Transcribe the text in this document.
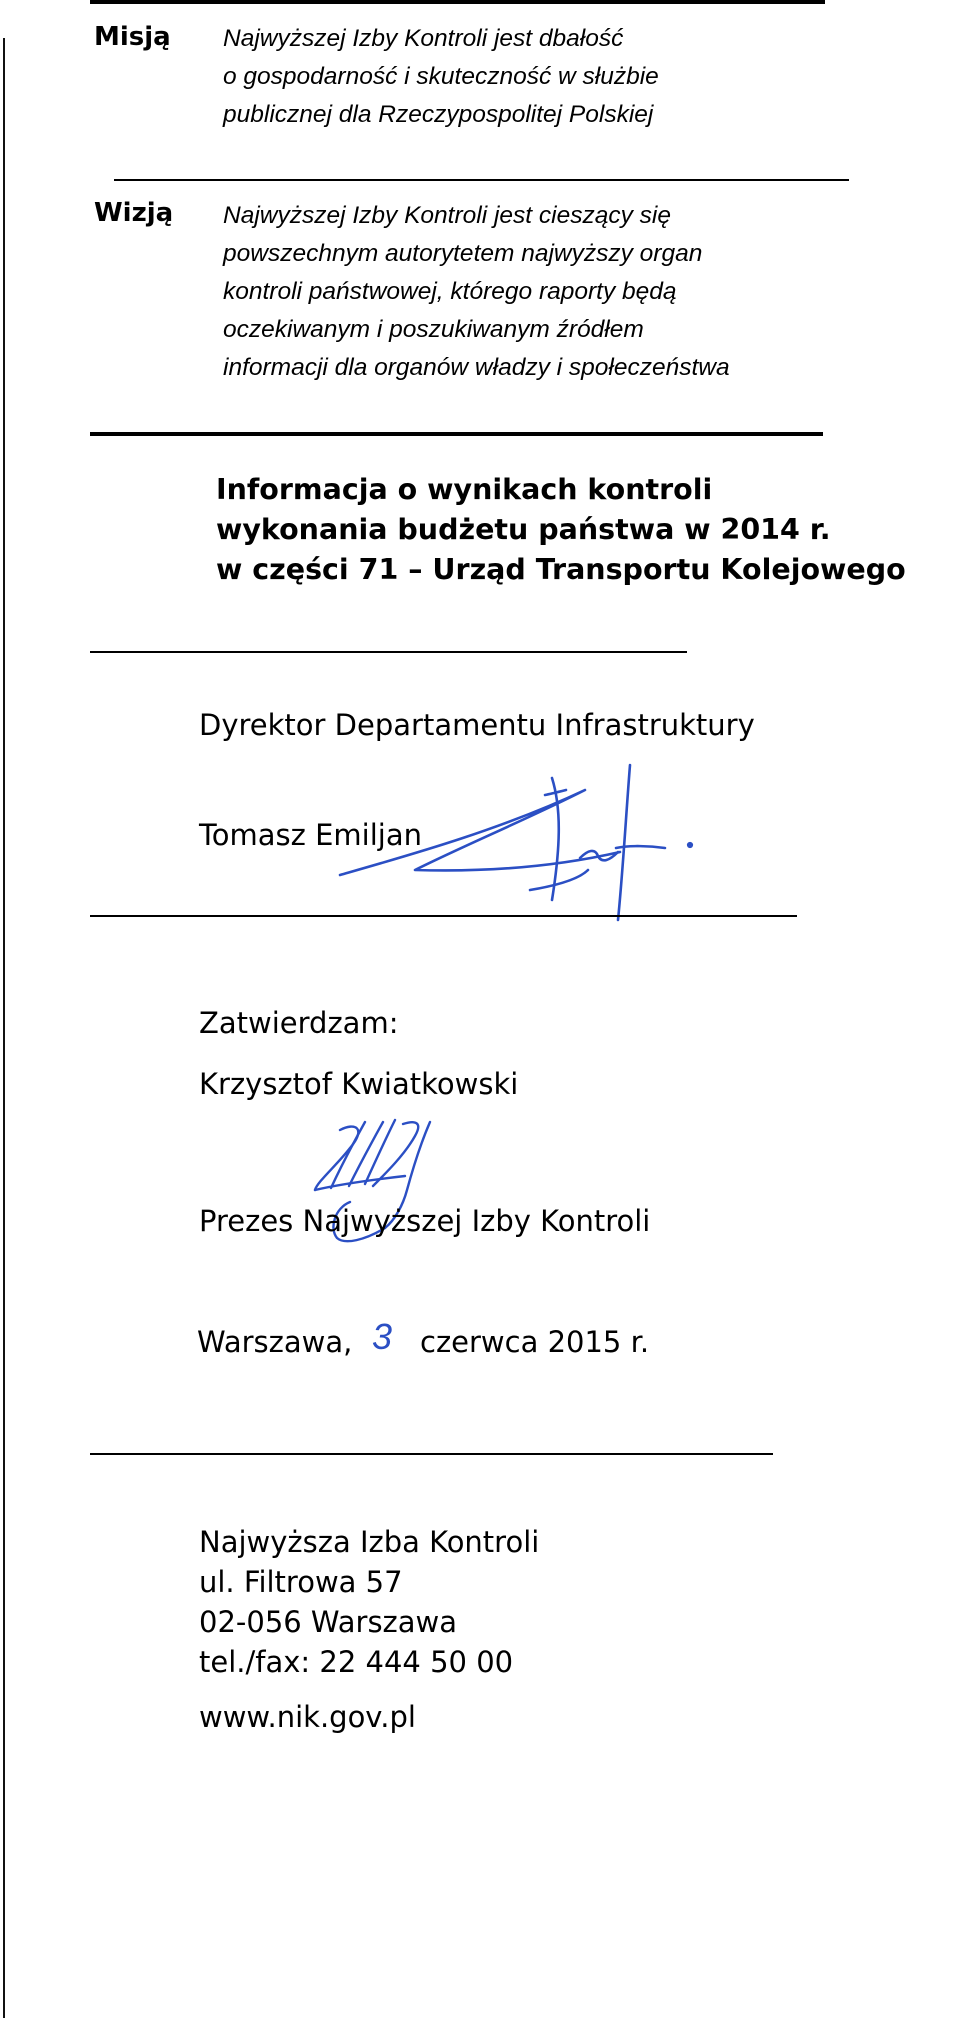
Misją Najwyższej Izby Kontroli jest dbałość
o gospodarność i skuteczność w służbie
publicznej dla Rzeczypospolitej Polskiej
Wizją Najwyższej Izby Kontroli jest cieszący się
powszechnym autorytetem najwyższy organ
kontroli państwowej, którego raporty będą
oczekiwanym i poszukiwanym źródłem
informacji dla organów władzy i społeczeństwa
Informacja o wynikach kontroli
wykonania budżetu państwa w 2014 r.
w części 71 – Urząd Transportu Kolejowego
Dyrektor Departamentu Infrastruktury
Tomasz Emiljan
Zatwierdzam:
Krzysztof Kwiatkowski
Prezes Najwyższej Izby Kontroli
Warszawa, 3 czerwca 2015 r.
Najwyższa Izba Kontroli
ul. Filtrowa 57
02-056 Warszawa
tel./fax: 22 444 50 00
www.nik.gov.pl
